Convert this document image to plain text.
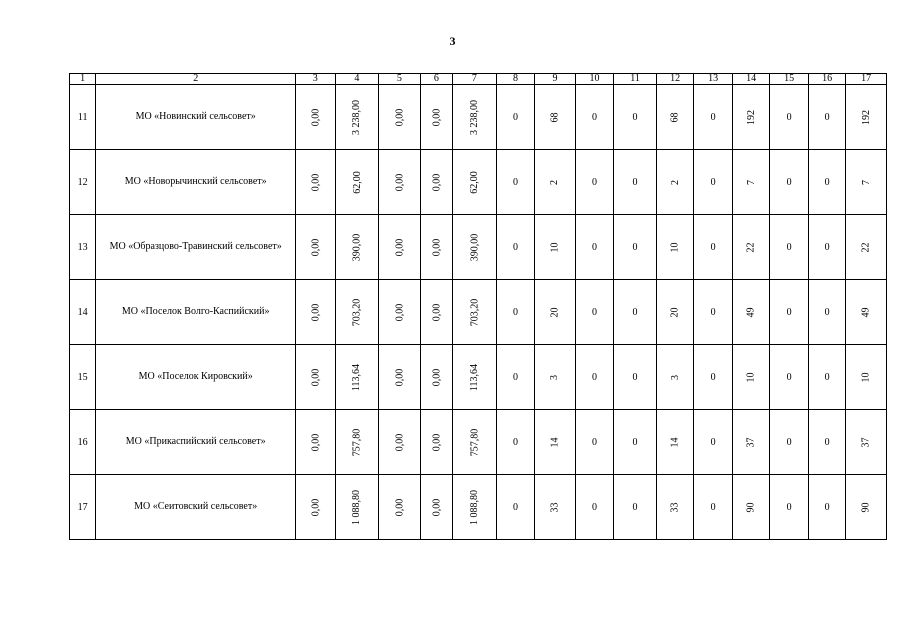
3
1	2	3	4	5	6	7	8	9	10	11	12	13	14	15	16	17
11	МО «Новинский сельсовет»	0,00	3 238,00	0,00	0,00	3 238,00	0	68	0	0	68	0	192	0	0	192
12	МО «Новорычинский сельсовет»	0,00	62,00	0,00	0,00	62,00	0	2	0	0	2	0	7	0	0	7
13	МО «Образцово-Травинский сельсовет»	0,00	390,00	0,00	0,00	390,00	0	10	0	0	10	0	22	0	0	22
14	МО «Поселок Волго-Каспийский»	0,00	703,20	0,00	0,00	703,20	0	20	0	0	20	0	49	0	0	49
15	МО «Поселок Кировский»	0,00	113,64	0,00	0,00	113,64	0	3	0	0	3	0	10	0	0	10
16	МО «Прикаспийский сельсовет»	0,00	757,80	0,00	0,00	757,80	0	14	0	0	14	0	37	0	0	37
17	МО «Сеитовский сельсовет»	0,00	1 088,80	0,00	0,00	1 088,80	0	33	0	0	33	0	90	0	0	90
